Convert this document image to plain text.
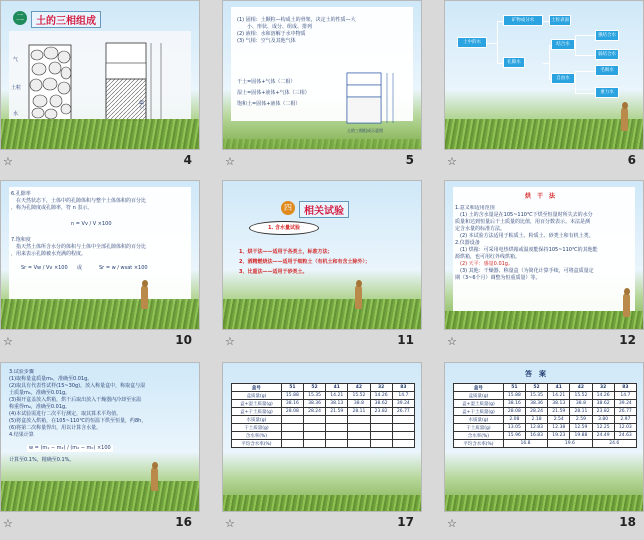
二	土的三相组成
气
土粒
水
土粒
☆	4
(1) 固相：土颗粒—构成土的骨架，决定土的性质—大
　　小、形状、成分、组成、排列
(2) 液相：水和溶解于水中物质
(3) 气相：空气及其他气体
干土=固体+气体（二相）
湿土=固体+液体+气体（三相）
饱和土=固体+液体（二相）
土的三相组成示意图
☆	5
土中的水
矿物成分水	土粒表面
结合水
强结合水
弱结合水
孔隙水
自由水
毛细水
重力水
☆	6
6.孔隙率
　在天然状态下，土体中的孔隙体积与整个土体体积的百分比
，称为孔隙度或孔隙率，符 n 表示。
n = Vv / V ×100
7.饱和度
　指天然土体所含水分的体积与土体中全部孔隙体积的百分比
，用来表示孔隙被水充满的程度。
Sr = Vw / Vv ×100 或	Sr = w / wsat ×100
☆	10
四	相关试验
1. 含水量试验
1、烘干法——适用于各类土，标准方法；
2、酒精燃烧法——适用于细粒土（有机土和有含土除外）；
3、比重法——适用于砂类土。
☆	11
烘　干　法
1.意义和适用范围
　(1) 土的含水量是在105~110℃下烘至恒量时所失去的水分
质量和达到恒量后干土质量的比值，用百分数表示。本法是测
定含水量的标准方法。
　(2) 本试验方法适用于粘质土、粉质土、砂类土和有机土类。
2.仪器设备
　(1) 烘箱：可采用电热烘箱或温度能保持105~110℃的其他能
源烘箱，也可用红外线烘箱。
　(2) 天平：感量0.01g。
　(3) 其他：干燥器、称量盒（为简化计算手续，可将盒质量定
期（3~6个月）调整为恒重质量）等。
☆	12
3.试验步骤
(1)取称量盒质量m₀，准确至0.01g。
(2)取具有代表性试样(15~30g)，放入称量盒中，称取盒与湿
土质量m₁，准确至0.01g。
(3)揭开盒盖放入烘箱，烘干后取出放入干燥器内冷却至室温
称重得m₂，准确至0.01g。
(4)本试验需进行二次平行测定，取其算术平均值。
(5)将盒放入烘箱，在105~110℃的恒温下烘至恒量，约8h，
(6)将第二次称量得出，用以计算含水量。
4.结果计算
w = (m₁ − m₂) / (m₂ − m₀) ×100
计算至0.1%，精确至0.1%。
☆	16
盒号	51	52	41	42	32	83
盒质量(g)	15.88	15.35	14.21	15.52	14.26	14.7
盒+湿土质量(g)	38.16	38.36	38.13	38.8	38.62	39.24
盒+干土质量(g)	28.08	28.24	21.59	28.11	23.82	26.77
水质量(g)						
干土质量(g)						
含水率(%)						
平均含水率(%)						
☆	17
答　案
盒号	51	52	41	42	32	83
盒质量(g)	15.88	15.35	14.21	15.52	14.26	14.7
盒+湿土质量(g)	38.16	38.36	38.13	38.8	38.62	39.24
盒+干土质量(g)	28.08	28.24	21.59	28.11	23.82	26.77
水质量(g)	2.08	2.18	2.54	2.59	3.80	2.97
干土质量(g)	13.05	12.83	12.38	12.59	12.25	12.03
含水率(%)	15.96	16.83	19.23	19.88	24.49	24.63
平均含水率(%)	16.8		19.6		24.6	
☆	18
